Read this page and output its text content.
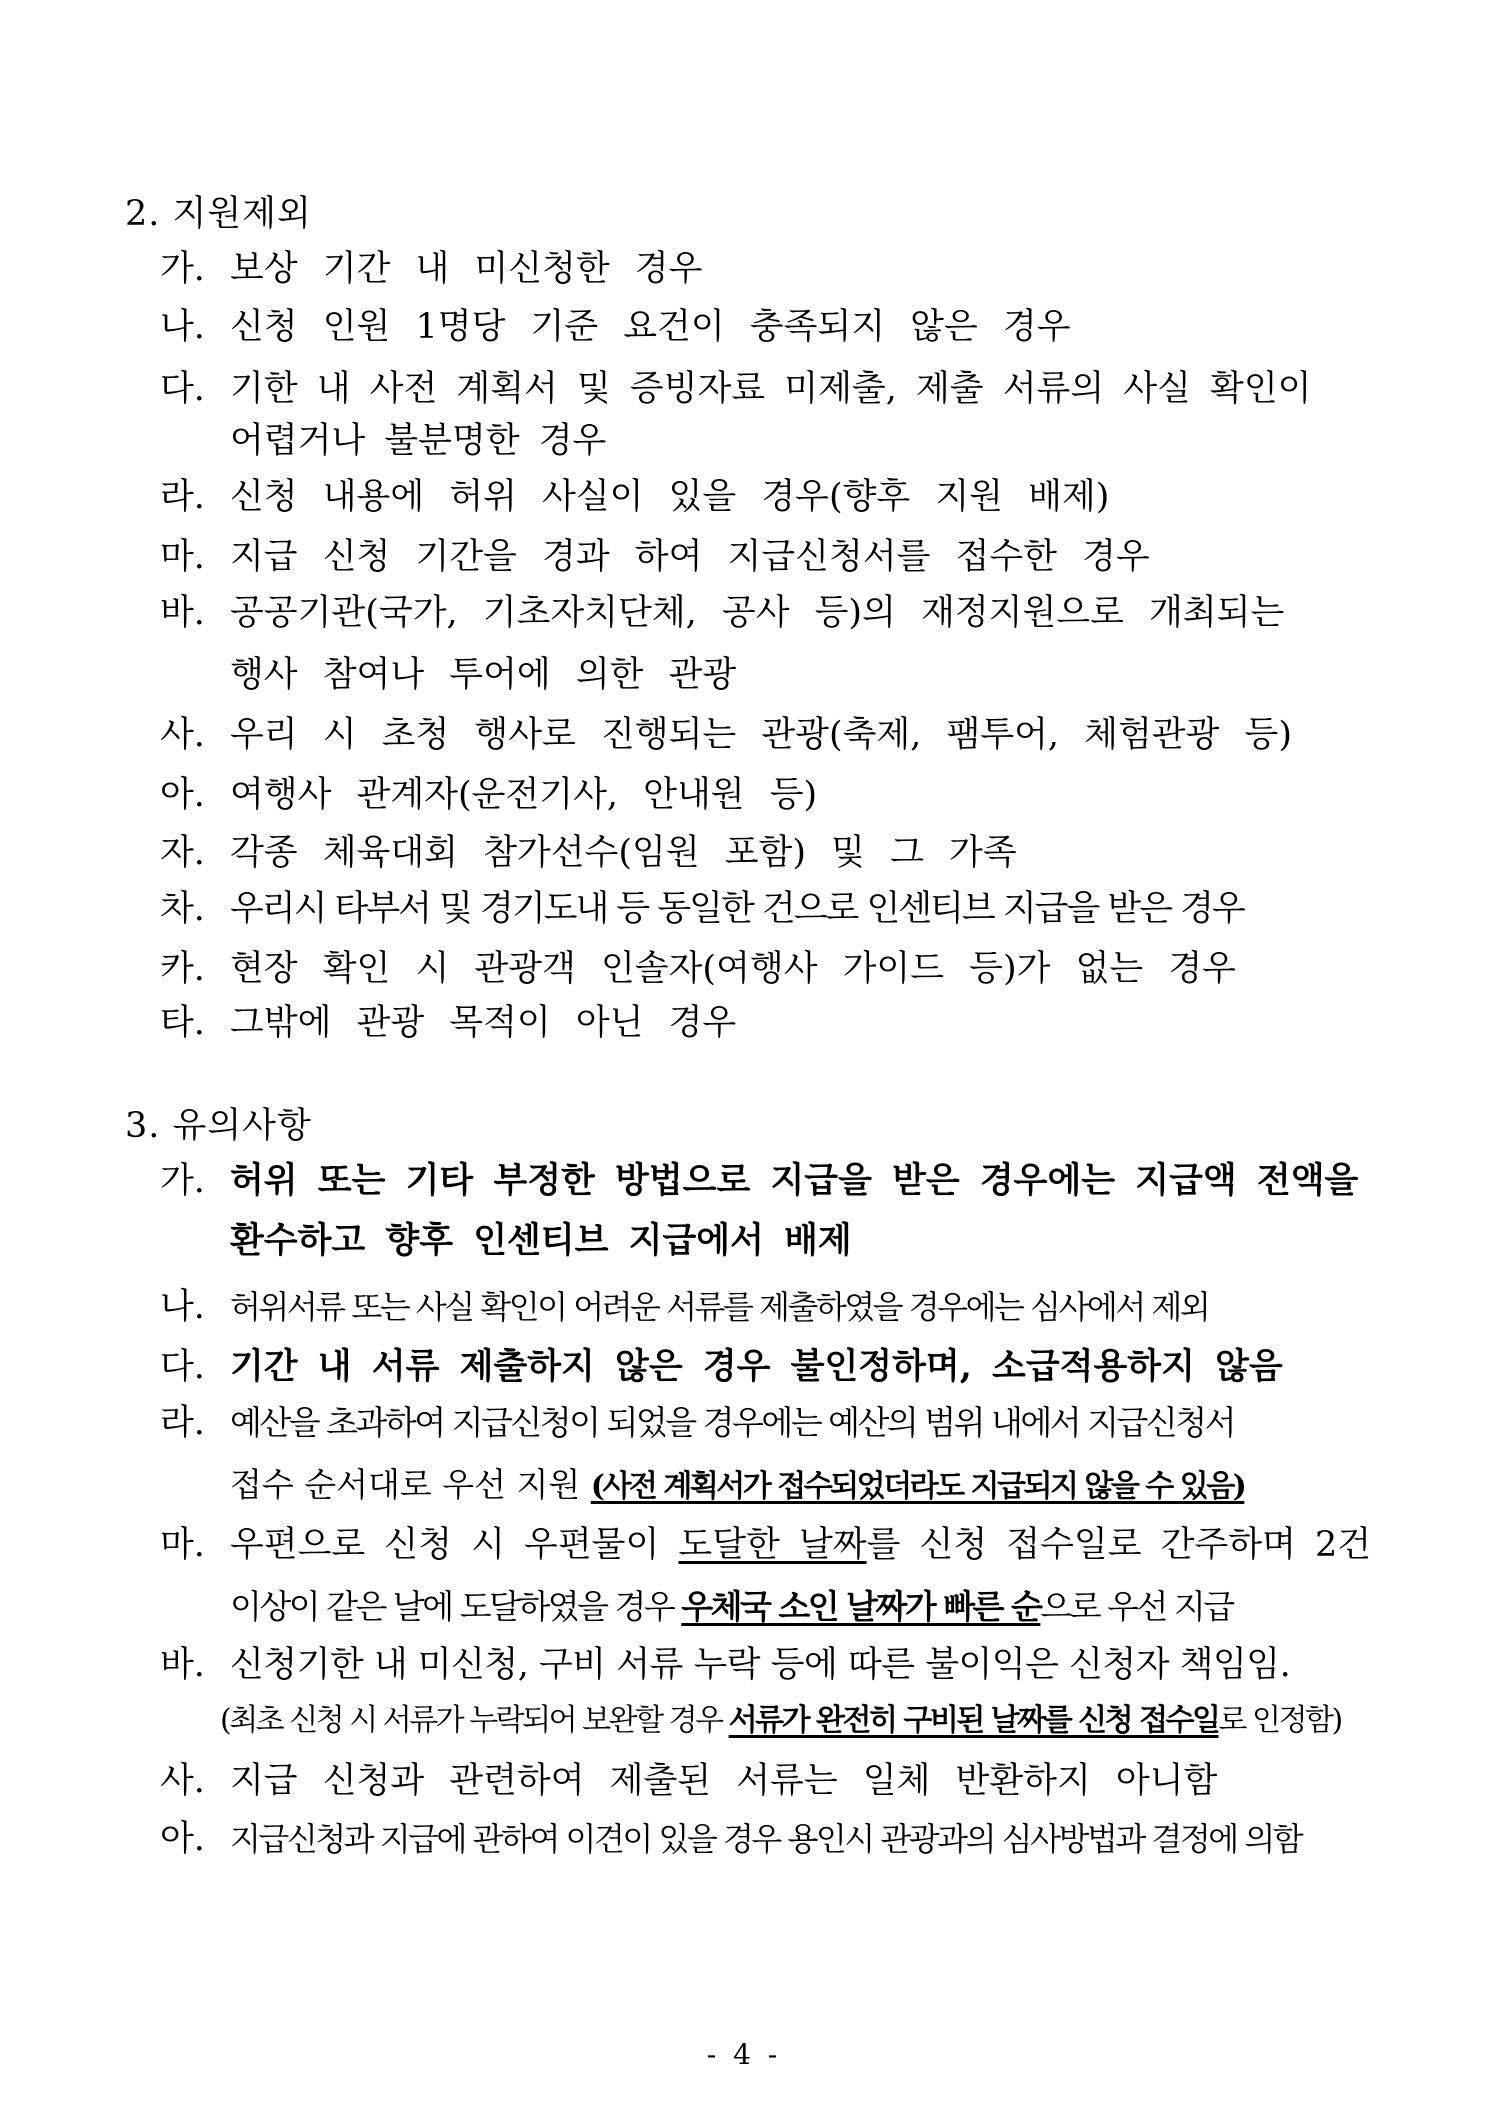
2. 지원제외
가. 보상 기간 내 미신청한 경우
나. 신청 인원 1명당 기준 요건이 충족되지 않은 경우
다. 기한 내 사전 계획서 및 증빙자료 미제출, 제출 서류의 사실 확인이
어렵거나 불분명한 경우
라. 신청 내용에 허위 사실이 있을 경우(향후 지원 배제)
마. 지급 신청 기간을 경과 하여 지급신청서를 접수한 경우
바. 공공기관(국가, 기초자치단체, 공사 등)의 재정지원으로 개최되는
행사 참여나 투어에 의한 관광
사. 우리 시 초청 행사로 진행되는 관광(축제, 팸투어, 체험관광 등)
아. 여행사 관계자(운전기사, 안내원 등)
자. 각종 체육대회 참가선수(임원 포함) 및 그 가족
차. 우리시 타부서 및 경기도내 등 동일한 건으로 인센티브 지급을 받은 경우
카. 현장 확인 시 관광객 인솔자(여행사 가이드 등)가 없는 경우
타. 그밖에 관광 목적이 아닌 경우
3. 유의사항
가. 허위 또는 기타 부정한 방법으로 지급을 받은 경우에는 지급액 전액을
환수하고 향후 인센티브 지급에서 배제
나. 허위서류 또는 사실 확인이 어려운 서류를 제출하였을 경우에는 심사에서 제외
다. 기간 내 서류 제출하지 않은 경우 불인정하며, 소급적용하지 않음
라. 예산을 초과하여 지급신청이 되었을 경우에는 예산의 범위 내에서 지급신청서
접수 순서대로 우선 지원 (사전 계획서가 접수되었더라도 지급되지 않을 수 있음)
마. 우편으로 신청 시 우편물이 도달한 날짜를 신청 접수일로 간주하며 2건
이상이 같은 날에 도달하였을 경우 우체국 소인 날짜가 빠른 순으로 우선 지급
바. 신청기한 내 미신청, 구비 서류 누락 등에 따른 불이익은 신청자 책임임.
(최초 신청 시 서류가 누락되어 보완할 경우 서류가 완전히 구비된 날짜를 신청 접수일로 인정함)
사. 지급 신청과 관련하여 제출된 서류는 일체 반환하지 아니함
아. 지급신청과 지급에 관하여 이견이 있을 경우 용인시 관광과의 심사방법과 결정에 의함
- 4 -
